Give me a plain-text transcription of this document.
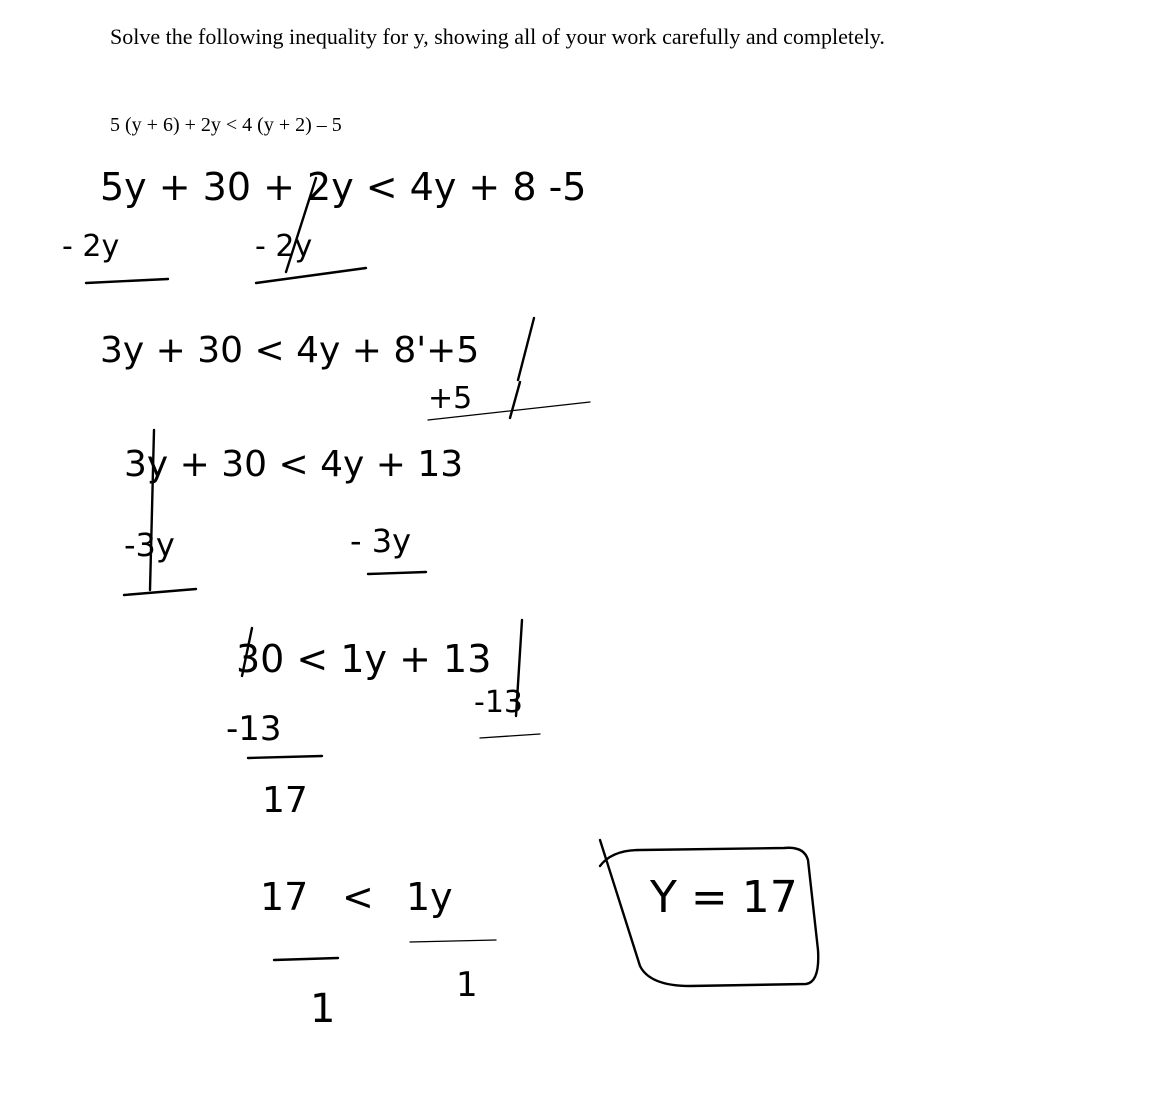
Solve the following inequality for y, showing all of your work carefully and completely.
5 (y + 6) + 2y < 4 (y + 2) – 5
5y + 30 + 2y < 4y + 8 -5
- 2y	- 2y
3y + 30 < 4y + 8'+5
+5
3y + 30 < 4y + 13
-3y	- 3y
30 < 1y + 13
-13
-13
17
17 < 1y
1
1
Y = 17
